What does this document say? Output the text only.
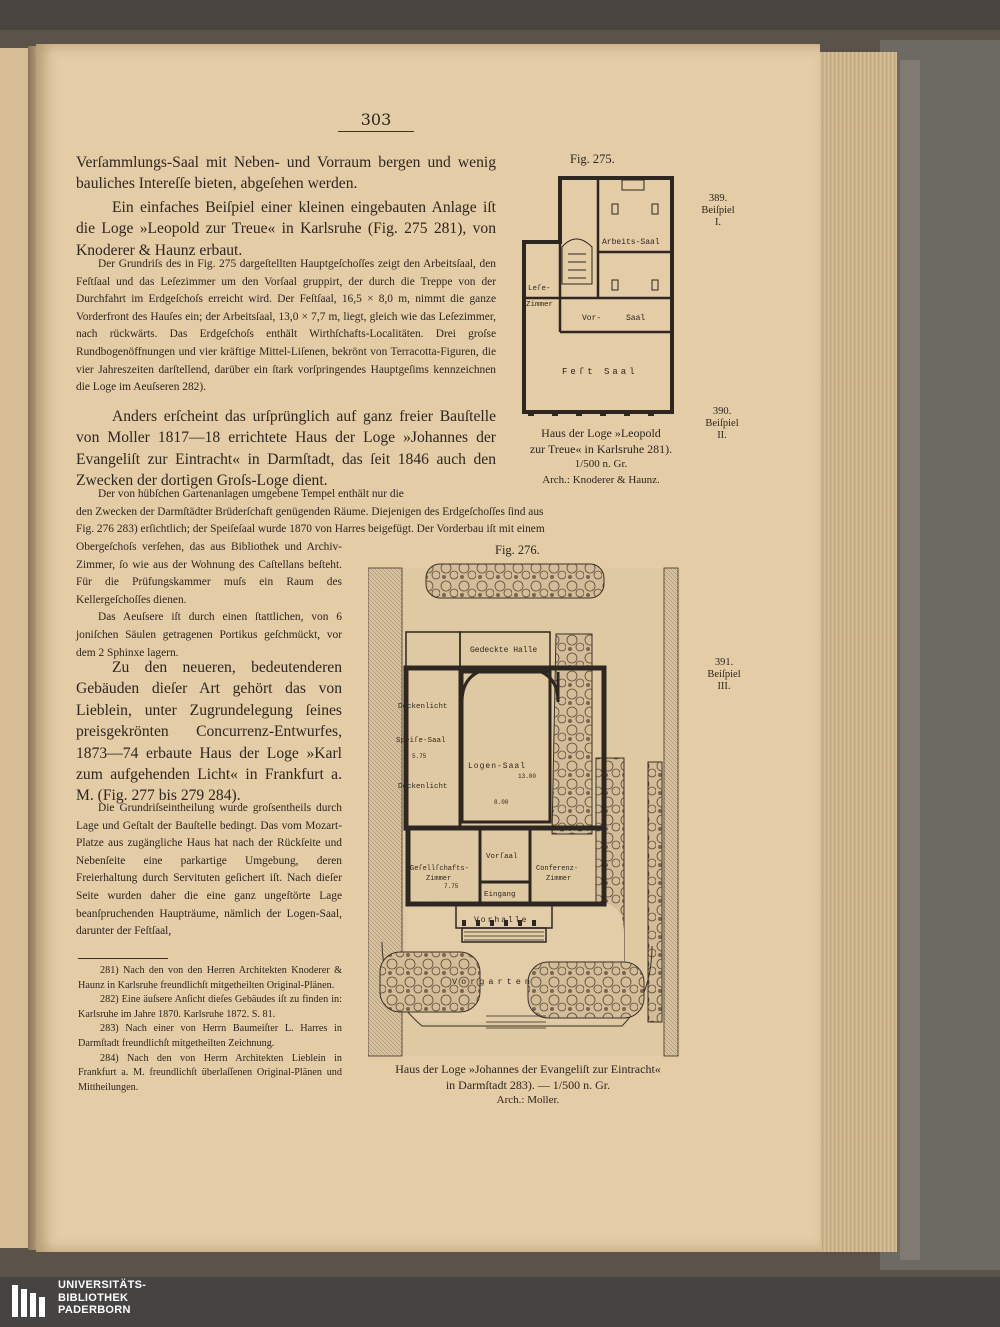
303

Verſammlungs-Saal mit Neben- und Vorraum bergen und wenig bauliches Intereſſe bieten, abgeſehen werden.

Ein einfaches Beiſpiel einer kleinen eingebauten Anlage iſt die Loge »Leopold zur Treue« in Karlsruhe (Fig. 275 281), von Knoderer & Haunz erbaut.

Der Grundriſs des in Fig. 275 dargeſtellten Hauptgeſchoſſes zeigt den Arbeitsſaal, den Feſtſaal und das Leſezimmer um den Vorſaal gruppirt, der durch die Treppe von der Durchfahrt im Erdgeſchoſs erreicht wird. Der Feſtſaal, 16,5 × 8,0 m, nimmt die ganze Vorderfront des Hauſes ein; der Arbeitsſaal, 13,0 × 7,7 m, liegt, gleich wie das Leſezimmer, nach rückwärts. Das Erdgeſchoſs enthält Wirthſchafts-Localitäten. Drei groſse Rundbogenöffnungen und vier kräftige Mittel-Liſenen, bekrönt von Terracotta-Figuren, die vier Jahreszeiten darſtellend, darüber ein ſtark vorſpringendes Hauptgeſims kennzeichnen die Loge im Aeuſseren 282).

Anders erſcheint das urſprünglich auf ganz freier Bauſtelle von Moller 1817—18 errichtete Haus der Loge »Johannes der Evangeliſt zur Eintracht« in Darmſtadt, das ſeit 1846 auch den Zwecken der dortigen Groſs-Loge dient.

Der von hübſchen Gartenanlagen umgebene Tempel enthält nur die

den Zwecken der Darmſtädter Brüderſchaft genügenden Räume. Diejenigen des Erdgeſchoſſes ſind aus

Fig. 276 283) erſichtlich; der Speiſeſaal wurde 1870 von Harres beigefügt. Der Vorderbau iſt mit einem

Obergeſchoſs verſehen, das aus Bibliothek und Archiv-Zimmer, ſo wie aus der Wohnung des Caſtellans beſteht. Für die Prüfungskammer muſs ein Raum des Kellergeſchoſſes dienen.

Das Aeuſsere iſt durch einen ſtattlichen, von 6 joniſchen Säulen getragenen Portikus geſchmückt, vor dem 2 Sphinxe lagern.

Zu den neueren, bedeutenderen Gebäuden dieſer Art gehört das von Lieblein, unter Zugrundelegung ſeines preisgekrönten Concurrenz-Entwurfes, 1873—74 erbaute Haus der Loge »Karl zum aufgehenden Licht« in Frankfurt a. M. (Fig. 277 bis 279 284).

Die Grundriſseintheilung wurde groſsentheils durch Lage und Geſtalt der Bauſtelle bedingt. Das vom Mozart-Platze aus zugängliche Haus hat nach der Rückſeite und Nebenſeite eine parkartige Umgebung, deren Freierhaltung durch Servituten geſichert iſt. Nach dieſer Seite wurden daher die eine ganz ungeſtörte Lage beanſpruchenden Haupträume, nämlich der Logen-Saal, darunter der Feſtſaal,

281) Nach den von den Herren Architekten Knoderer & Haunz in Karlsruhe freundlichſt mitgetheilten Original-Plänen.

282) Eine äuſsere Anſicht dieſes Gebäudes iſt zu finden in: Karlsruhe im Jahre 1870. Karlsruhe 1872. S. 81.

283) Nach einer von Herrn Baumeiſter L. Harres in Darmſtadt freundlichſt mitgetheilten Zeichnung.

284) Nach den von Herrn Architekten Lieblein in Frankfurt a. M. freundlichſt überlaſſenen Original-Plänen und Mittheilungen.

Fig. 275.
Arbeits-Saal
Leſe-
Zimmer
Vor-	Saal
Feſt Saal
Haus der Loge »Leopold
zur Treue« in Karlsruhe 281).
1/500 n. Gr.
Arch.: Knoderer & Haunz.
Fig. 276.
Gedeckte Halle
Deckenlicht
Speiſe-Saal
Deckenlicht
Logen-Saal
Geſellſchafts-
Zimmer
Vorſaal
Conferenz-
Zimmer
Eingang
Vorhalle
Vorgarten
5.75
8.00
7.75
13.00
Haus der Loge »Johannes der Evangeliſt zur Eintracht«
in Darmſtadt 283). — 1/500 n. Gr.
Arch.: Moller.
389.
Beiſpiel
I.
390.
Beiſpiel
II.
391.
Beiſpiel
III.
UNIVERSITÄTS-
BIBLIOTHEK
PADERBORN
